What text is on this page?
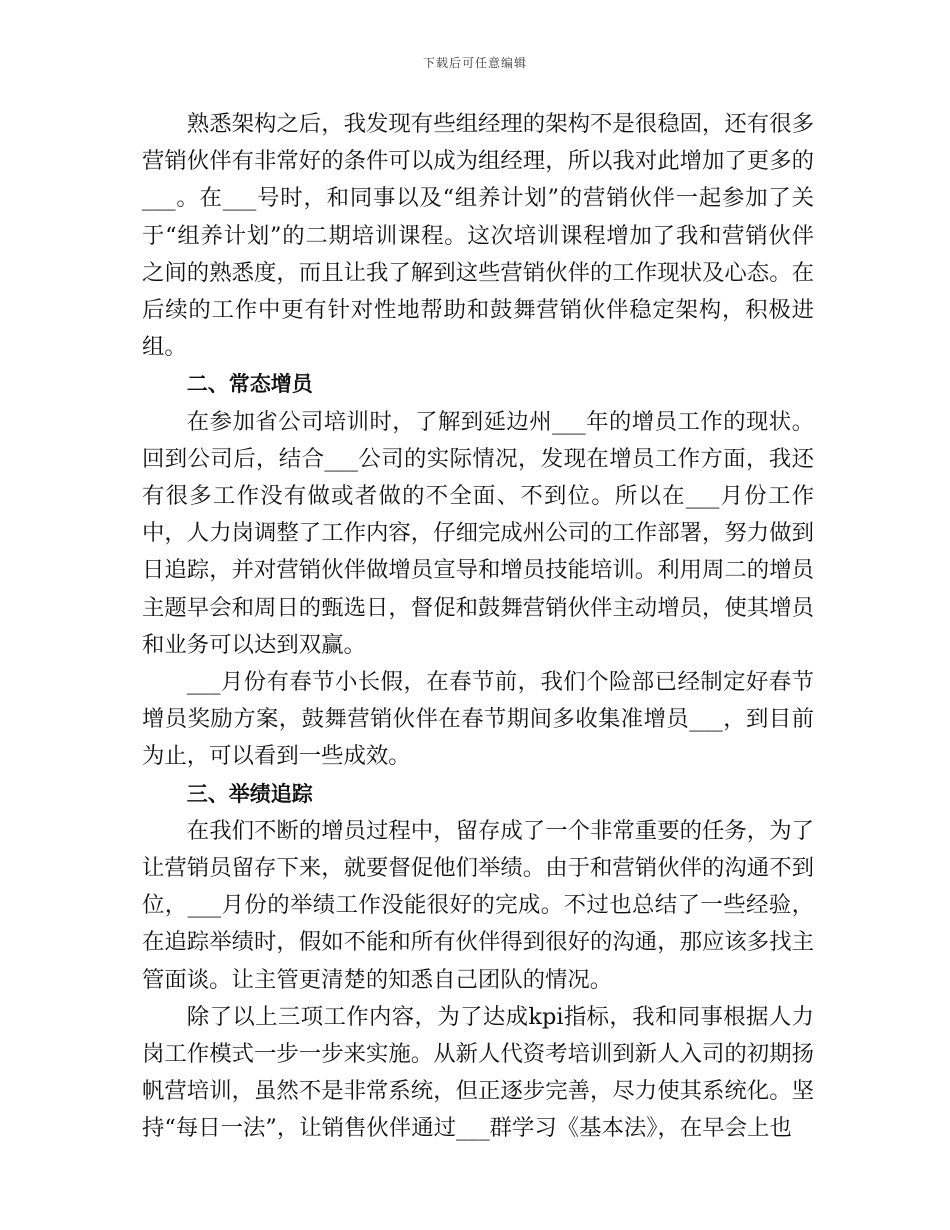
下载后可任意编辑

熟悉架构之后，我发现有些组经理的架构不是很稳固，还有很多营销伙伴有非常好的条件可以成为组经理，所以我对此增加了更多的___。在___号时，和同事以及“组养计划”的营销伙伴一起参加了关于“组养计划”的二期培训课程。这次培训课程增加了我和营销伙伴之间的熟悉度，而且让我了解到这些营销伙伴的工作现状及心态。在后续的工作中更有针对性地帮助和鼓舞营销伙伴稳定架构，积极进组。

二、常态增员

在参加省公司培训时，了解到延边州___年的增员工作的现状。回到公司后，结合___公司的实际情况，发现在增员工作方面，我还有很多工作没有做或者做的不全面、不到位。所以在___月份工作中，人力岗调整了工作内容，仔细完成州公司的工作部署，努力做到日追踪，并对营销伙伴做增员宣导和增员技能培训。利用周二的增员主题早会和周日的甄选日，督促和鼓舞营销伙伴主动增员，使其增员和业务可以达到双赢。

___月份有春节小长假，在春节前，我们个险部已经制定好春节增员奖励方案，鼓舞营销伙伴在春节期间多收集准增员___，到目前为止，可以看到一些成效。

三、举绩追踪

在我们不断的增员过程中，留存成了一个非常重要的任务，为了让营销员留存下来，就要督促他们举绩。由于和营销伙伴的沟通不到位，___月份的举绩工作没能很好的完成。不过也总结了一些经验，在追踪举绩时，假如不能和所有伙伴得到很好的沟通，那应该多找主管面谈。让主管更清楚的知悉自己团队的情况。

除了以上三项工作内容，为了达成kpi指标，我和同事根据人力岗工作模式一步一步来实施。从新人代资考培训到新人入司的初期扬帆营培训，虽然不是非常系统，但正逐步完善，尽力使其系统化。坚持“每日一法”，让销售伙伴通过___群学习《基本法》，在早会上也
